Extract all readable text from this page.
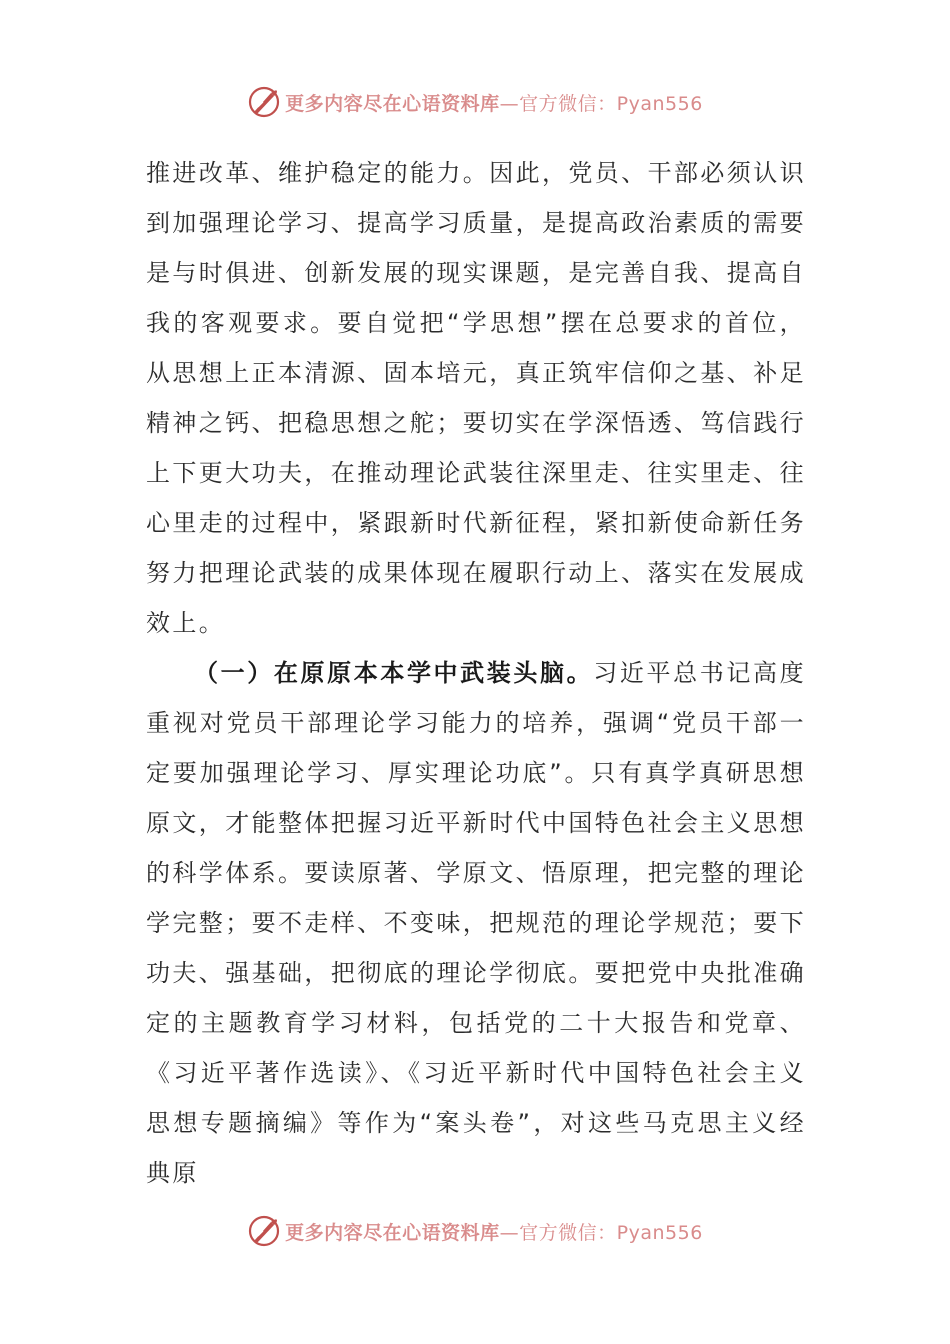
更多内容尽在心语资料库 —官方微信：Pyan556

推进改革、维护稳定的能力。因此，党员、干部必须认识到加强理论学习、提高学习质量，是提高政治素质的需要是与时俱进、创新发展的现实课题，是完善自我、提高自我的客观要求。要自觉把“学思想”摆在总要求的首位，从思想上正本清源、固本培元，真正筑牢信仰之基、补足精神之钙、把稳思想之舵；要切实在学深悟透、笃信践行上下更大功夫，在推动理论武装往深里走、往实里走、往心里走的过程中，紧跟新时代新征程，紧扣新使命新任务努力把理论武装的成果体现在履职行动上、落实在发展成效上。

（一）在原原本本学中武装头脑。习近平总书记高度重视对党员干部理论学习能力的培养，强调“党员干部一定要加强理论学习、厚实理论功底”。只有真学真研思想原文，才能整体把握习近平新时代中国特色社会主义思想的科学体系。要读原著、学原文、悟原理，把完整的理论学完整；要不走样、不变味，把规范的理论学规范；要下功夫、强基础，把彻底的理论学彻底。要把党中央批准确定的主题教育学习材料，包括党的二十大报告和党章、《习近平著作选读》、《习近平新时代中国特色社会主义思想专题摘编》等作为“案头卷”，对这些马克思主义经典原

更多内容尽在心语资料库 —官方微信：Pyan556
